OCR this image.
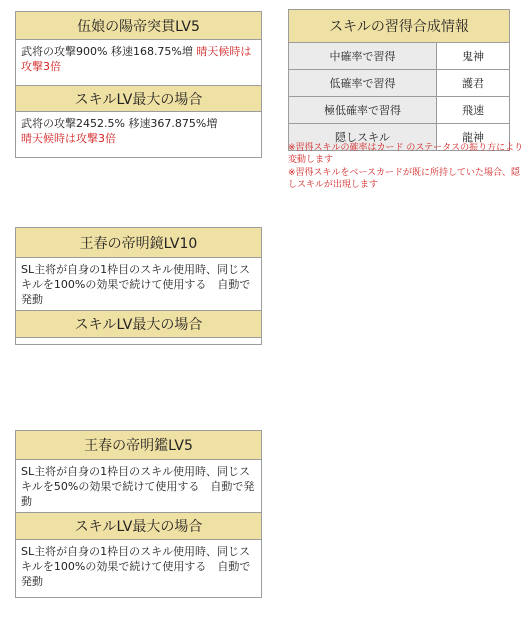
伍娘の陽帝突貫LV5
武将の攻撃900% 移速168.75%増 晴天候時は攻撃3倍
スキルLV最大の場合
武将の攻撃2452.5% 移速367.875%増
晴天候時は攻撃3倍
スキルの習得合成情報	
中確率で習得	鬼神
低確率で習得	護君
極低確率で習得	飛速
隠しスキル	龍神
※習得スキルの確率はカード のステータスの振り方により変動します
※習得スキルをベースカードが既に所持していた場合、隠しスキルが出現します
王春の帝明鏡LV10
SL主将が自身の1枠目のスキル使用時、同じスキルを100%の効果で続けて使用する　自動で発動
スキルLV最大の場合
王春の帝明鑑LV5
SL主将が自身の1枠目のスキル使用時、同じスキルを50%の効果で続けて使用する　自動で発動
スキルLV最大の場合
SL主将が自身の1枠目のスキル使用時、同じスキルを100%の効果で続けて使用する　自動で発動
